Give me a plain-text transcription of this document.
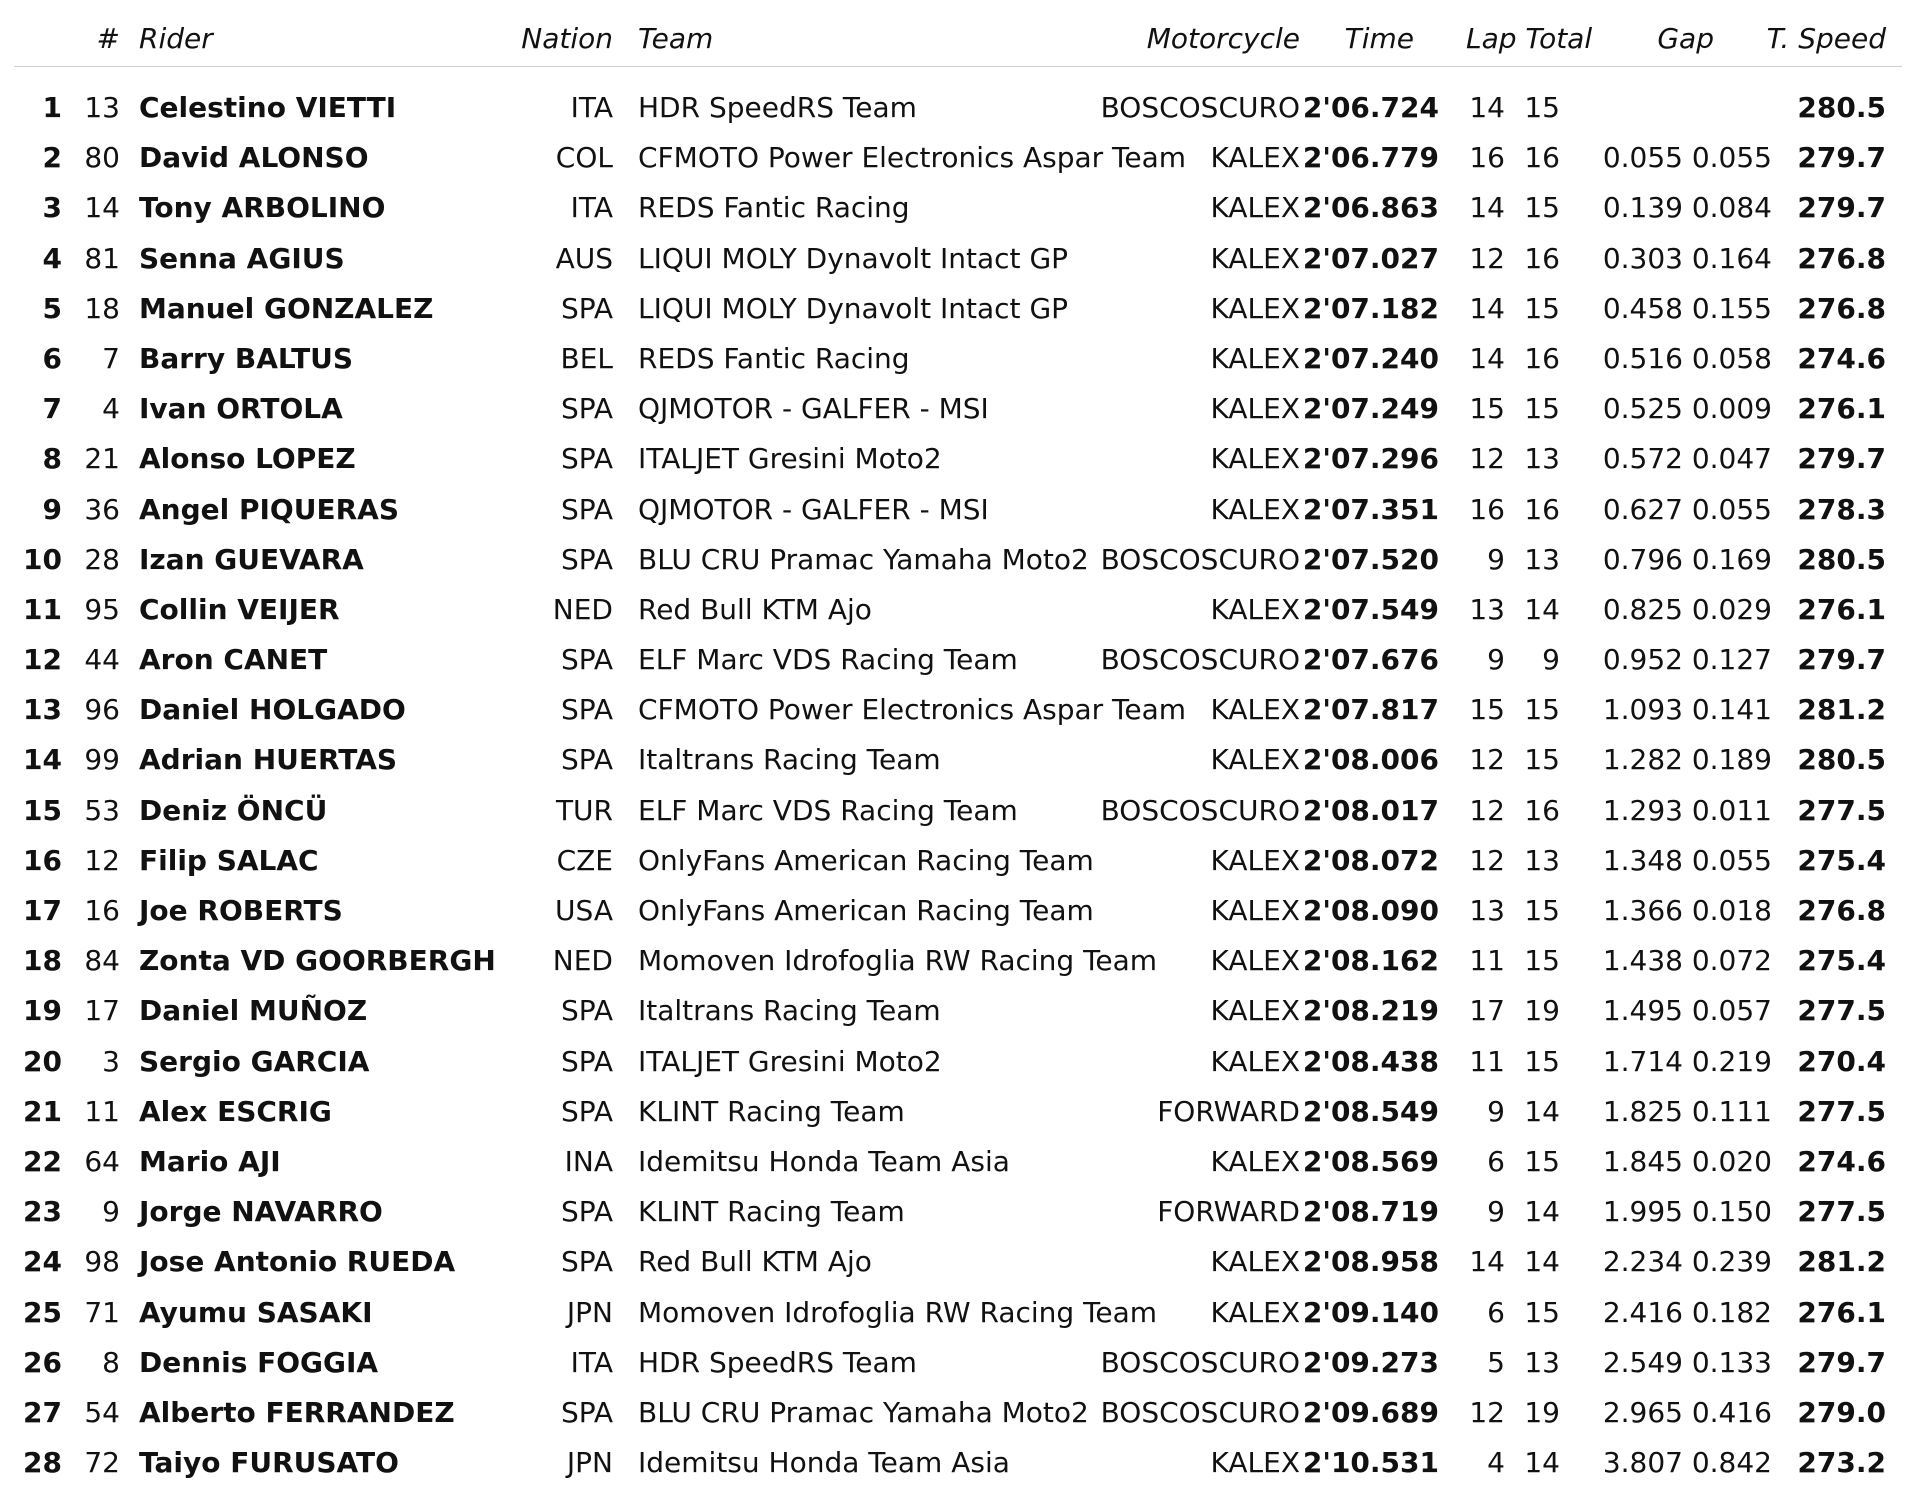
# Rider	Nation Team	Motorcycle Time Lap Total Gap T. Speed
1 13 Celestino VIETTI	ITA HDR SpeedRS Team	BOSCOSCURO 2'06.724 14 15	280.5
2 80 David ALONSO	COL CFMOTO Power Electronics Aspar Team KALEX 2'06.779 16 16 0.055 0.055 279.7
3 14 Tony ARBOLINO	ITA REDS Fantic Racing	KALEX 2'06.863 14 15 0.139 0.084 279.7
4 81 Senna AGIUS	AUS LIQUI MOLY Dynavolt Intact GP	KALEX 2'07.027 12 16 0.303 0.164 276.8
5 18 Manuel GONZALEZ	SPA LIQUI MOLY Dynavolt Intact GP	KALEX 2'07.182 14 15 0.458 0.155 276.8
6 7 Barry BALTUS	BEL REDS Fantic Racing	KALEX 2'07.240 14 16 0.516 0.058 274.6
7 4 Ivan ORTOLA	SPA QJMOTOR - GALFER - MSI	KALEX 2'07.249 15 15 0.525 0.009 276.1
8 21 Alonso LOPEZ	SPA ITALJET Gresini Moto2	KALEX 2'07.296 12 13 0.572 0.047 279.7
9 36 Angel PIQUERAS	SPA QJMOTOR - GALFER - MSI	KALEX 2'07.351 16 16 0.627 0.055 278.3
10 28 Izan GUEVARA	SPA BLU CRU Pramac Yamaha Moto2 BOSCOSCURO 2'07.520 9 13 0.796 0.169 280.5
11 95 Collin VEIJER	NED Red Bull KTM Ajo	KALEX 2'07.549 13 14 0.825 0.029 276.1
12 44 Aron CANET	SPA ELF Marc VDS Racing Team	BOSCOSCURO 2'07.676 9 9 0.952 0.127 279.7
13 96 Daniel HOLGADO	SPA CFMOTO Power Electronics Aspar Team KALEX 2'07.817 15 15 1.093 0.141 281.2
14 99 Adrian HUERTAS	SPA Italtrans Racing Team	KALEX 2'08.006 12 15 1.282 0.189 280.5
15 53 Deniz ÖNCÜ	TUR ELF Marc VDS Racing Team	BOSCOSCURO 2'08.017 12 16 1.293 0.011 277.5
16 12 Filip SALAC	CZE OnlyFans American Racing Team	KALEX 2'08.072 12 13 1.348 0.055 275.4
17 16 Joe ROBERTS	USA OnlyFans American Racing Team	KALEX 2'08.090 13 15 1.366 0.018 276.8
18 84 Zonta VD GOORBERGH NED Momoven Idrofoglia RW Racing Team KALEX 2'08.162 11 15 1.438 0.072 275.4
19 17 Daniel MUÑOZ	SPA Italtrans Racing Team	KALEX 2'08.219 17 19 1.495 0.057 277.5
20 3 Sergio GARCIA	SPA ITALJET Gresini Moto2	KALEX 2'08.438 11 15 1.714 0.219 270.4
21 11 Alex ESCRIG	SPA KLINT Racing Team	FORWARD 2'08.549 9 14 1.825 0.111 277.5
22 64 Mario AJI	INA Idemitsu Honda Team Asia	KALEX 2'08.569 6 15 1.845 0.020 274.6
23 9 Jorge NAVARRO	SPA KLINT Racing Team	FORWARD 2'08.719 9 14 1.995 0.150 277.5
24 98 Jose Antonio RUEDA	SPA Red Bull KTM Ajo	KALEX 2'08.958 14 14 2.234 0.239 281.2
25 71 Ayumu SASAKI	JPN Momoven Idrofoglia RW Racing Team KALEX 2'09.140 6 15 2.416 0.182 276.1
26 8 Dennis FOGGIA	ITA HDR SpeedRS Team	BOSCOSCURO 2'09.273 5 13 2.549 0.133 279.7
27 54 Alberto FERRANDEZ	SPA BLU CRU Pramac Yamaha Moto2 BOSCOSCURO 2'09.689 12 19 2.965 0.416 279.0
28 72 Taiyo FURUSATO	JPN Idemitsu Honda Team Asia	KALEX 2'10.531 4 14 3.807 0.842 273.2
